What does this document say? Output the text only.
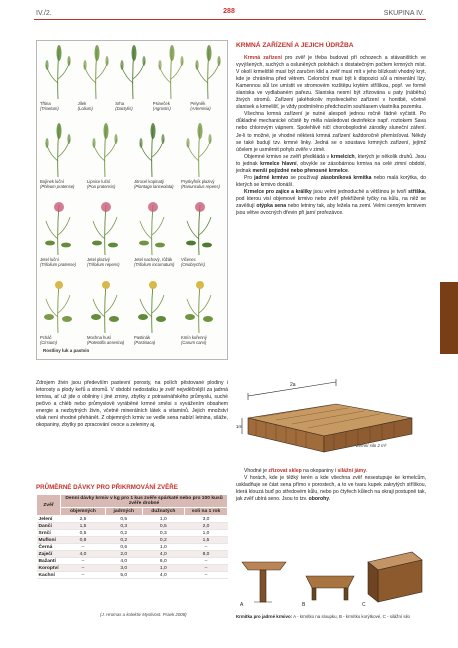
IV./2.	288	SKUPINA IV.
Třtina
(Trisetum)
Jílek
(Lolium)
Srha
(Dactylis)
Psineček
(Agrostis)
Pelyněk
(Artemisia)
Bojínek luční
(Phleum pratense)
Lipnice luční
(Poa pratensis)
Jitrocel kopinatý
(Plantago lanceolata)
Pryskyřník plazivý
(Ranunculus repens)
Jetel luční
(Trifolium pratense)
Jetel plazivý
(Trifolium repens)
Jetel nachový, růžák
(Trifolium incarnatum)
Vičenec
(Onobrychis)
Pcháč
(Cirsium)
Mochna husí
(Potentilla anserina)
Pastinák
(Pastinaca)
Kmín kořenný
(Carum carvi)
Rostliny luk a pastvin
Zdrojem živin jsou především pastevní porosty, na polích pěstované plodiny i letorosty a plody keřů a stromů. V období nedostatku je zvěř nejvděčnější za jadrná krmiva, ať už jde o obilniny i jiné zrniny, zbytky z potravinářského průmyslu, suché pečivo a chléb nebo průmyslově vyráběné krmné směsi s vyvážením obsahem energie a nezbytných živin, včetně minerálních látek a vitamínů. Jejich množství však není vhodné přehánět. Z objemných krmiv se vedle sena nabízí letnina, siláže, okopaniny, zbytky po zpracování ovoce a zeleniny aj.
PRŮMĚRNÉ DÁVKY PRO PŘIKRMOVÁNÍ ZVĚŘE
Zvěř	Denní dávky krmiv v kg pro 1 kus zvěře spárkaté nebo pro 100 kusů zvěře drobné			
	objemných	jadrných	dužnatých	soli na 1 rok
Jelení	2,5	0,5	1,0	3,0
Dančí	1,5	0,3	0,5	2,0
Srnčí	0,5	0,2	0,3	1,0
Mufloní	0,8	0,2	0,2	1,5
Černá	–	0,6	1,0	–
Zaječí	4,0	2,0	4,0	8,0
Bažantí	–	4,0	6,0	–
Koroptví	–	3,0	1,0	–
Kachní	–	5,0	4,0	–
(J. Hromas a kolektiv Myslivost. Praek 2008)
KRMNÁ ZAŘÍZENÍ A JEJICH ÚDRŽBA

Krmná zařízení pro zvěř je třeba budovat při ochozech a stávaništích ve vyvýšených, suchých a osluněných polohách s dostatečným počtem krmných míst. V okolí krmeliště musí být zaručen klid a zvěř musí mít v jeho blízkosti vhodný kryt, kde je chráněna před větrem. Celoroční musí být k dispozici sůl a minerální lízy. Kamennou sůl lze umístit ve stromovém rozštěpu krytém stříškou, popř. ve formě slaniska ve vydlabaném pařezu. Slaniska nesmí být zřizována u paty (náběhu) živých stromů. Zařízení jakéhokoliv mysliveckého zařízení v honitbě, včetně slanisek a krmelišť, je vždy podmíněno předchozím souhlasem vlastníka pozemku.

Všechna krmná zařízení je nutné alespoň jednou ročně řádně vyčistit. Po důkladné mechanické očistě by měla následovat dezinfekce např. roztokem Sava nebo chlorovým vápnem. Spolehlivě ničí choroboplodné zárodky sluneční záření. Je-li to možné, je vhodné některá krmná zařízení každoročně přemísťovat. Někdy se také budují tzv. krmné linky. Jedná se o soustavu krmných zařízení, jejímž účelem je usměrnit pohyb zvěře v zimě.

Objemné krmivo se zvěři předkládá v krmelcích, kterých je několik druhů. Jsou to jednak krmelce hlavní, obvykle se zásobárnou krmiva na celé zimní období, jednak menší pojízdné nebo přenosné krmelce.

Pro jadrné krmivo se používají zásobníková krmítka nebo malá korýtka, do kterých se krmivo donáší.

Krmelce pro zajíce a králíky jsou velmi jednoduché a většinou je tvoří stříška, pod kterou visí objemové krmivo nebo zvěř překříženě tyčky na kůlu, na něž se zavěšují otýpka sena nebo letniny tak, aby ležela na zemi. Velmi cenným krmivem jsou větve ovocných dřevin při jarní prořezávce.

2a
1m
Zemní silo 2 m³

Vhodné je zřizovat sklep na okopaniny i silážní jámy.

V horách, kde je těžký terén a kde všechna zvěř nesestupuje ke krmelcům, uskladňuje se část sena přímo v porostech, a to ve tvaru kupek zakrytých stříškou, která klouzá buď po středovém kůlu, nebo po čtyřech kůlech na okraji postupně tak, jak zvěř ubírá seno. Jsou to tzv. oborohy.

A	B	C
Krmítka pro jadrné krmivo: A - krmítko na sloupku, B - krmítko korýtkové, C - silážní silo
